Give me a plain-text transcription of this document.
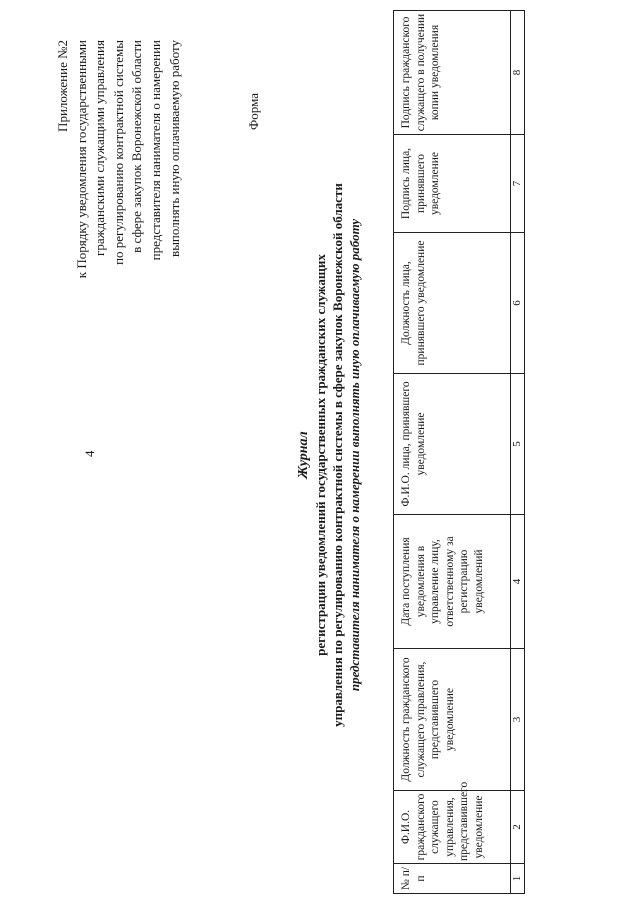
4
Приложение №2 к Порядку уведомления государственными гражданскими служащими управления по регулированию контрактной системы в сфере закупок Воронежской области представителя нанимателя о намерении выполнять иную оплачиваемую работу	Форма
Журнал регистрации уведомлений государственных гражданских служащих управления по регулированию контрактной системы в сфере закупок Воронежской области представителя нанимателя о намерении выполнять иную оплачиваемую работу
№ п/п	Ф.И.О. гражданского служащего управления, представившего уведомление	Должность гражданского служащего управления, представившего уведомление	Дата поступления уведомления в управление лицу, ответственному за регистрацию уведомлений	Ф.И.О. лица, принявшего уведомление	Должность лица, принявшего уведомление	Подпись лица, принявшего уведомление	Подпись гражданского служащего в получении копии уведомления
1	2	3	4	5	6	7	8
